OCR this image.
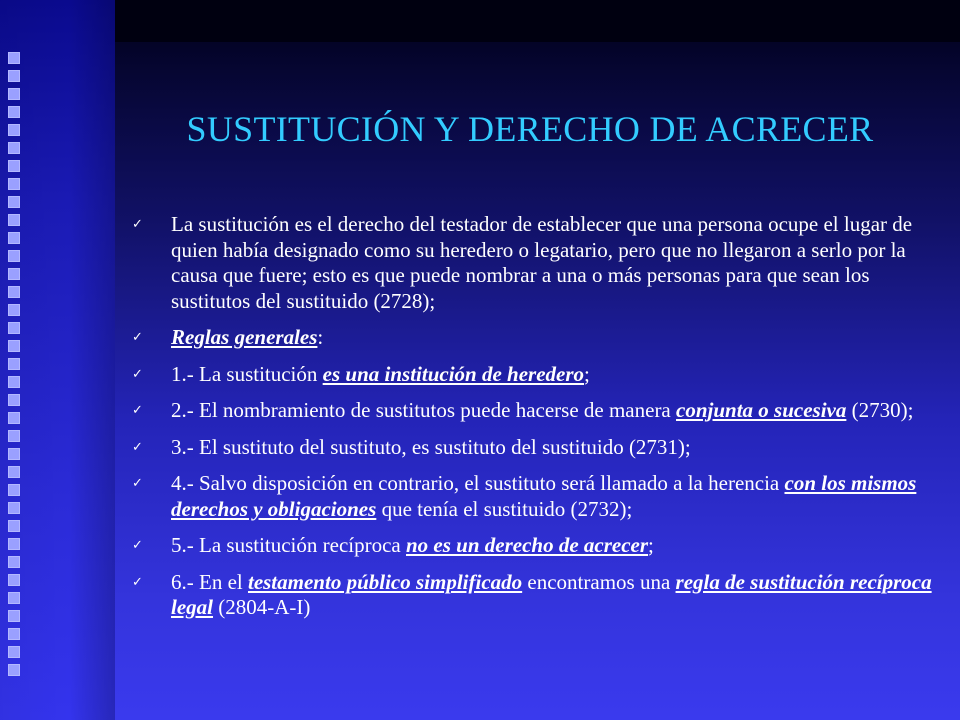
SUSTITUCIÓN Y DERECHO DE ACRECER
✓	La sustitución es el derecho del testador de establecer que una persona ocupe el lugar de quien había designado como su heredero o legatario, pero que no llegaron a serlo por la causa que fuere; esto es que puede nombrar a una o más personas para que sean los sustitutos del sustituido (2728);
✓	Reglas generales:
✓	1.- La sustitución es una institución de heredero;
✓	2.- El nombramiento de sustitutos puede hacerse de manera conjunta o sucesiva (2730);
✓	3.- El sustituto del sustituto, es sustituto del sustituido (2731);
✓	4.- Salvo disposición en contrario, el sustituto será llamado a la herencia con los mismos derechos y obligaciones que tenía el sustituido (2732);
✓	5.- La sustitución recíproca no es un derecho de acrecer;
✓	6.- En el testamento público simplificado encontramos una regla de sustitución recíproca legal (2804-A-I)
